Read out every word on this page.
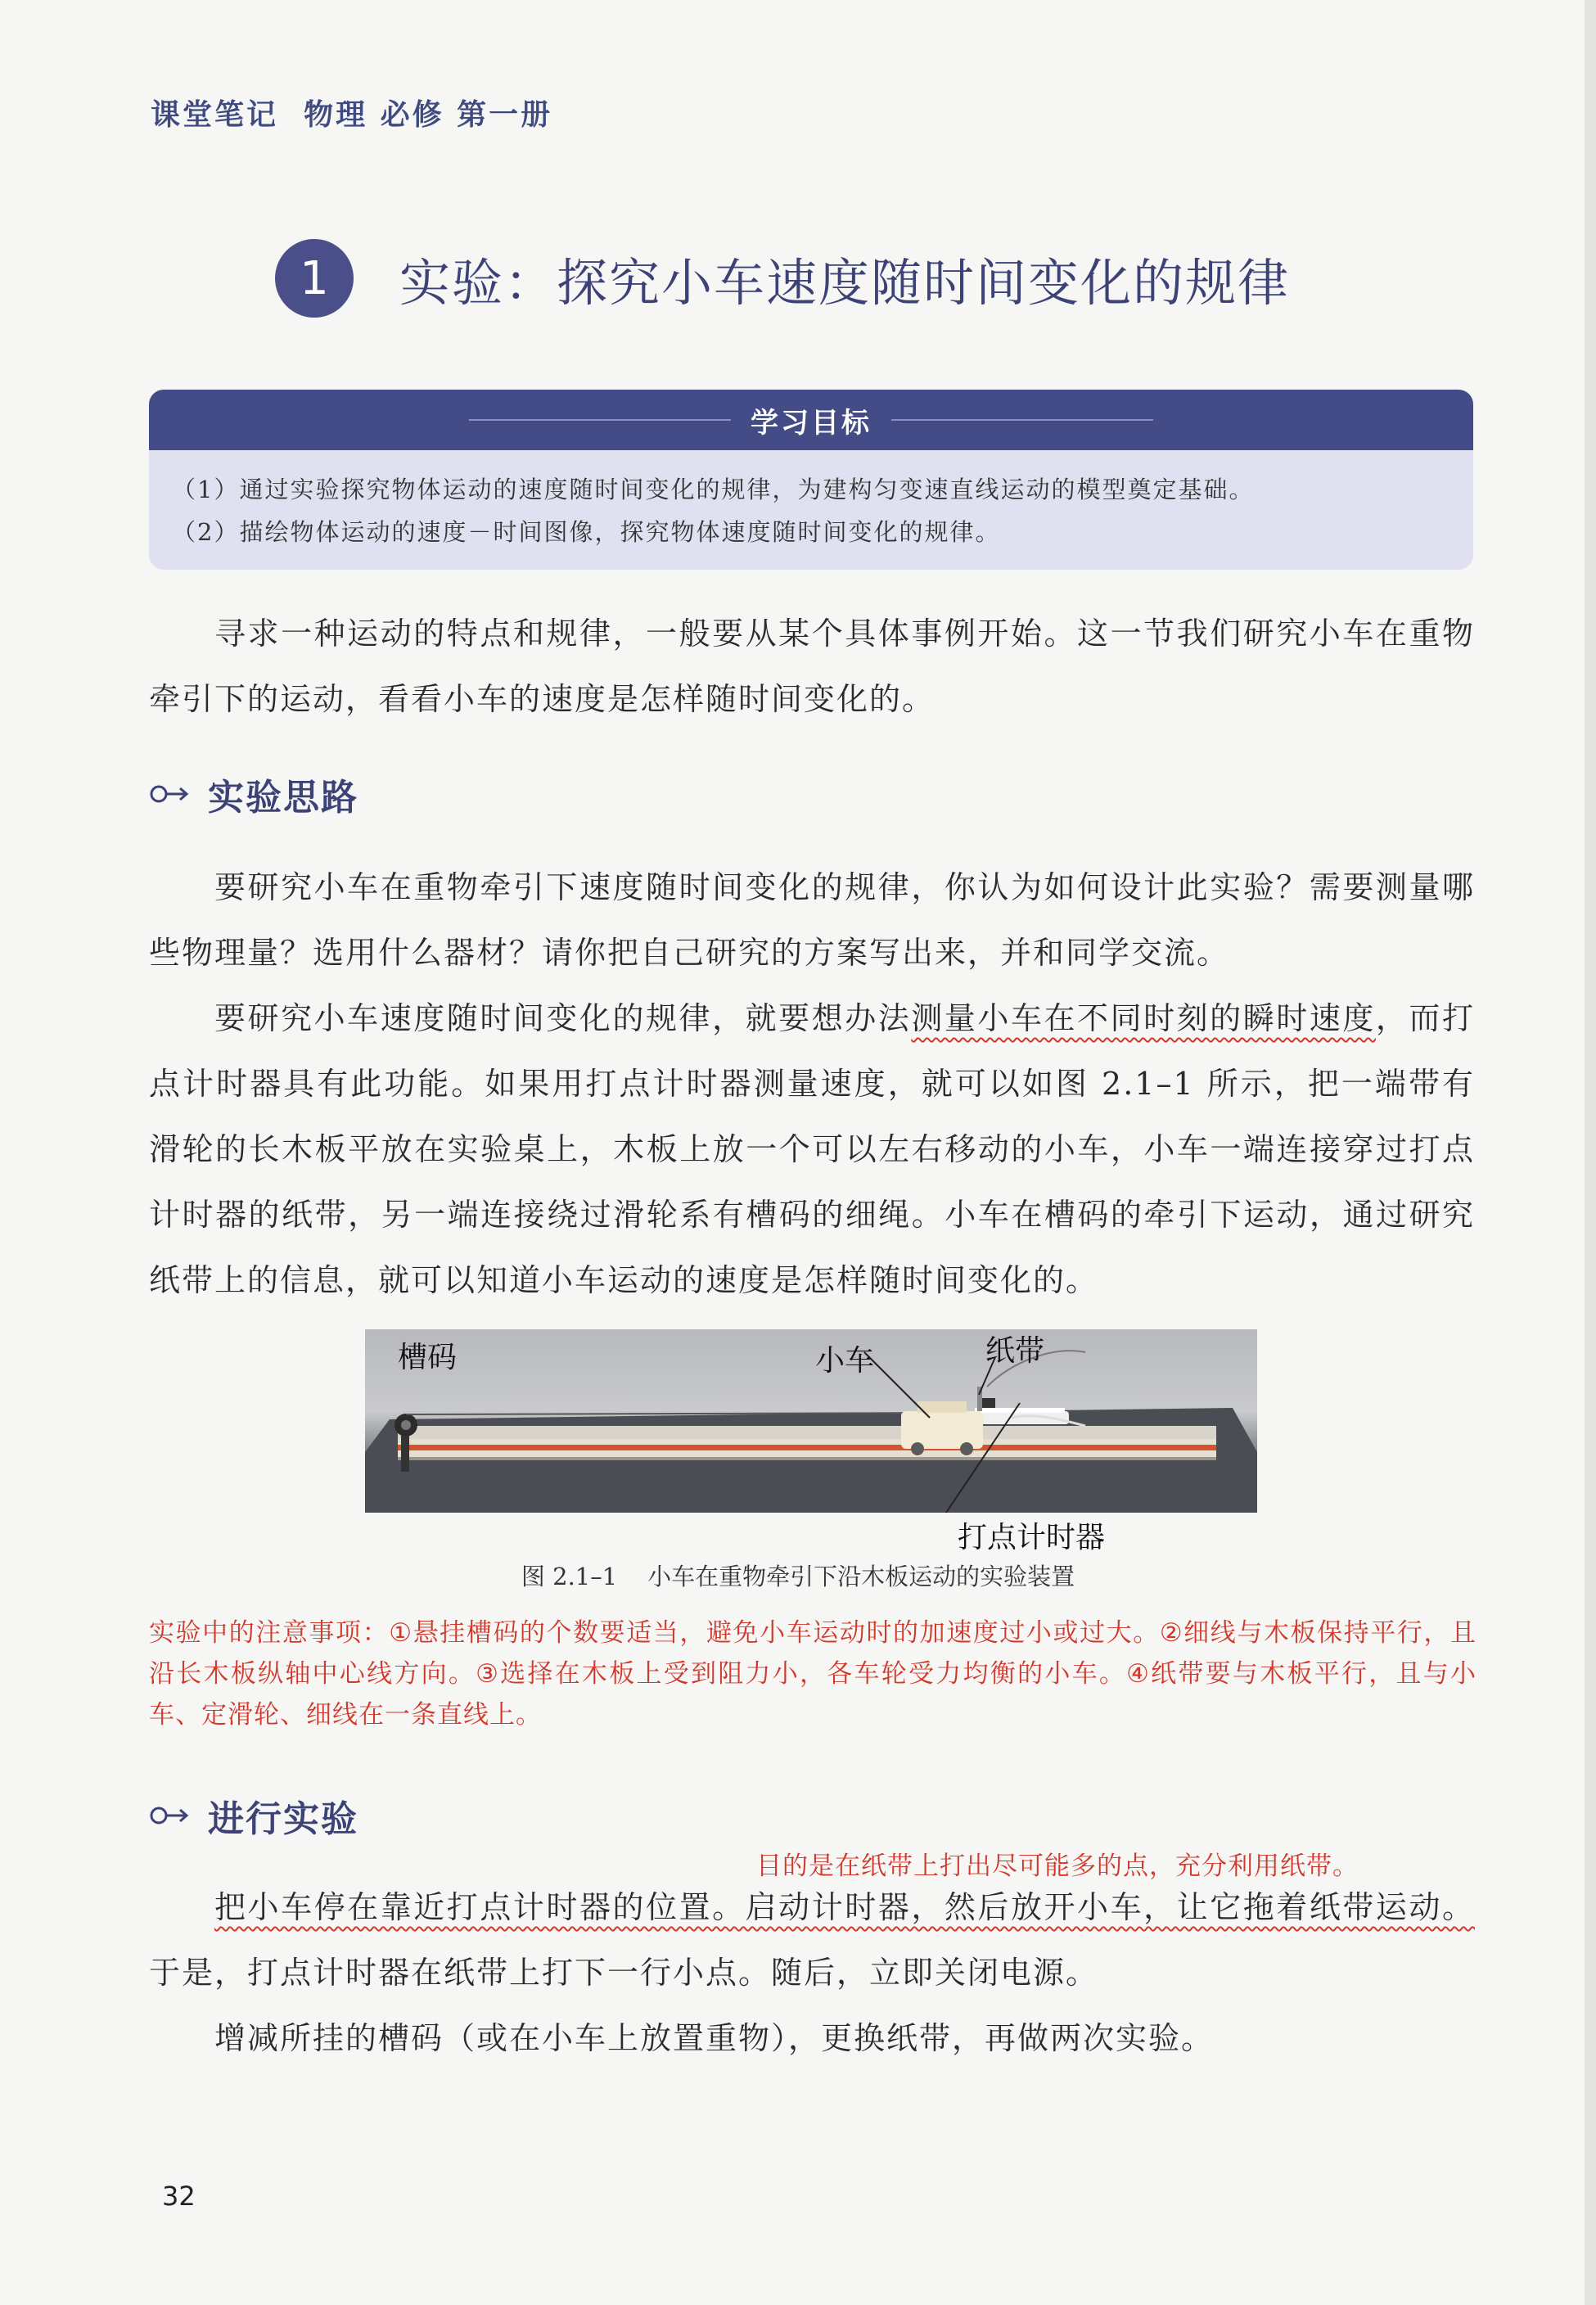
课堂笔记  物理 必修 第一册
1	实验：探究小车速度随时间变化的规律
学习目标
（1）通过实验探究物体运动的速度随时间变化的规律，为建构匀变速直线运动的模型奠定基础。
（2）描绘物体运动的速度－时间图像，探究物体速度随时间变化的规律。

寻求一种运动的特点和规律，一般要从某个具体事例开始。这一节我们研究小车在重物牵引下的运动，看看小车的速度是怎样随时间变化的。

实验思路

要研究小车在重物牵引下速度随时间变化的规律，你认为如何设计此实验？需要测量哪些物理量？选用什么器材？请你把自己研究的方案写出来，并和同学交流。

要研究小车速度随时间变化的规律，就要想办法测量小车在不同时刻的瞬时速度，而打点计时器具有此功能。如果用打点计时器测量速度，就可以如图 2.1–1 所示，把一端带有滑轮的长木板平放在实验桌上，木板上放一个可以左右移动的小车，小车一端连接穿过打点计时器的纸带，另一端连接绕过滑轮系有槽码的细绳。小车在槽码的牵引下运动，通过研究纸带上的信息，就可以知道小车运动的速度是怎样随时间变化的。

槽码	小车	纸带
打点计时器
图 2.1–1    小车在重物牵引下沿木板运动的实验装置
实验中的注意事项：①悬挂槽码的个数要适当，避免小车运动时的加速度过小或过大。②细线与木板保持平行，且沿长木板纵轴中心线方向。③选择在木板上受到阻力小，各车轮受力均衡的小车。④纸带要与木板平行，且与小车、定滑轮、细线在一条直线上。
进行实验
目的是在纸带上打出尽可能多的点，充分利用纸带。

把小车停在靠近打点计时器的位置。启动计时器，然后放开小车，让它拖着纸带运动。于是，打点计时器在纸带上打下一行小点。随后，立即关闭电源。

增减所挂的槽码（或在小车上放置重物），更换纸带，再做两次实验。

32
